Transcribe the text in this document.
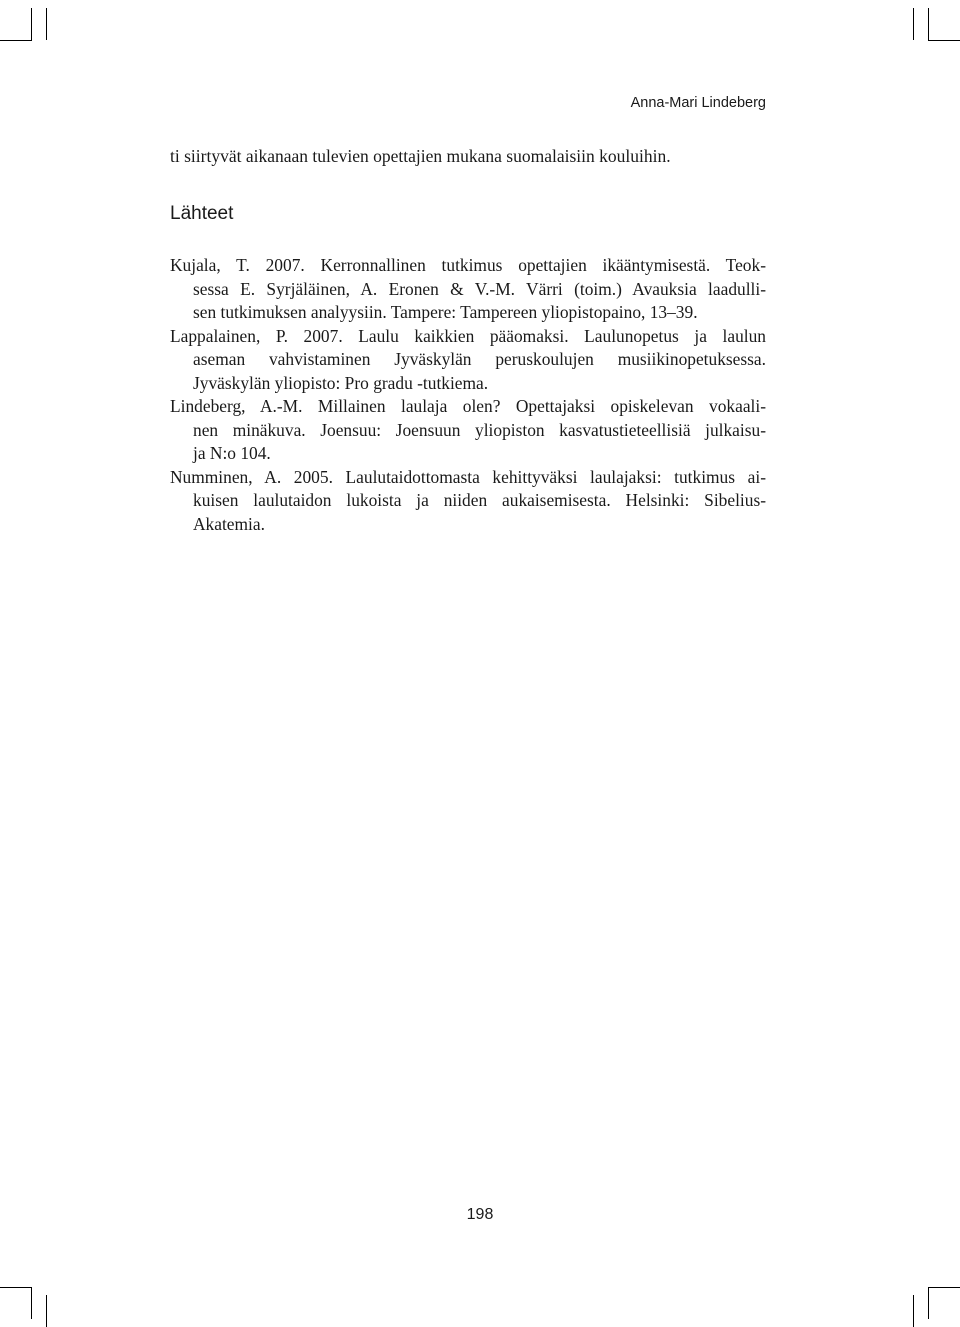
Anna-Mari Lindeberg
ti siirtyvät aikanaan tulevien opettajien mukana suomalaisiin kouluihin.
Lähteet
Kujala, T. 2007. Kerronnallinen tutkimus opettajien ikääntymisestä. Teok-
sessa E. Syrjäläinen, A. Eronen & V.-M. Värri (toim.) Avauksia laadulli-
sen tutkimuksen analyysiin. Tampere: Tampereen yliopistopaino, 13–39.
Lappalainen, P. 2007. Laulu kaikkien pääomaksi. Laulunopetus ja laulun
aseman vahvistaminen Jyväskylän peruskoulujen musiikinopetuksessa.
Jyväskylän yliopisto: Pro gradu -tutkiema.
Lindeberg, A.-M. Millainen laulaja olen? Opettajaksi opiskelevan vokaali-
nen minäkuva. Joensuu: Joensuun yliopiston kasvatustieteellisiä julkaisu-
ja N:o 104.
Numminen, A. 2005. Laulutaidottomasta kehittyväksi laulajaksi: tutkimus ai-
kuisen laulutaidon lukoista ja niiden aukaisemisesta. Helsinki: Sibelius-
Akatemia.
198
